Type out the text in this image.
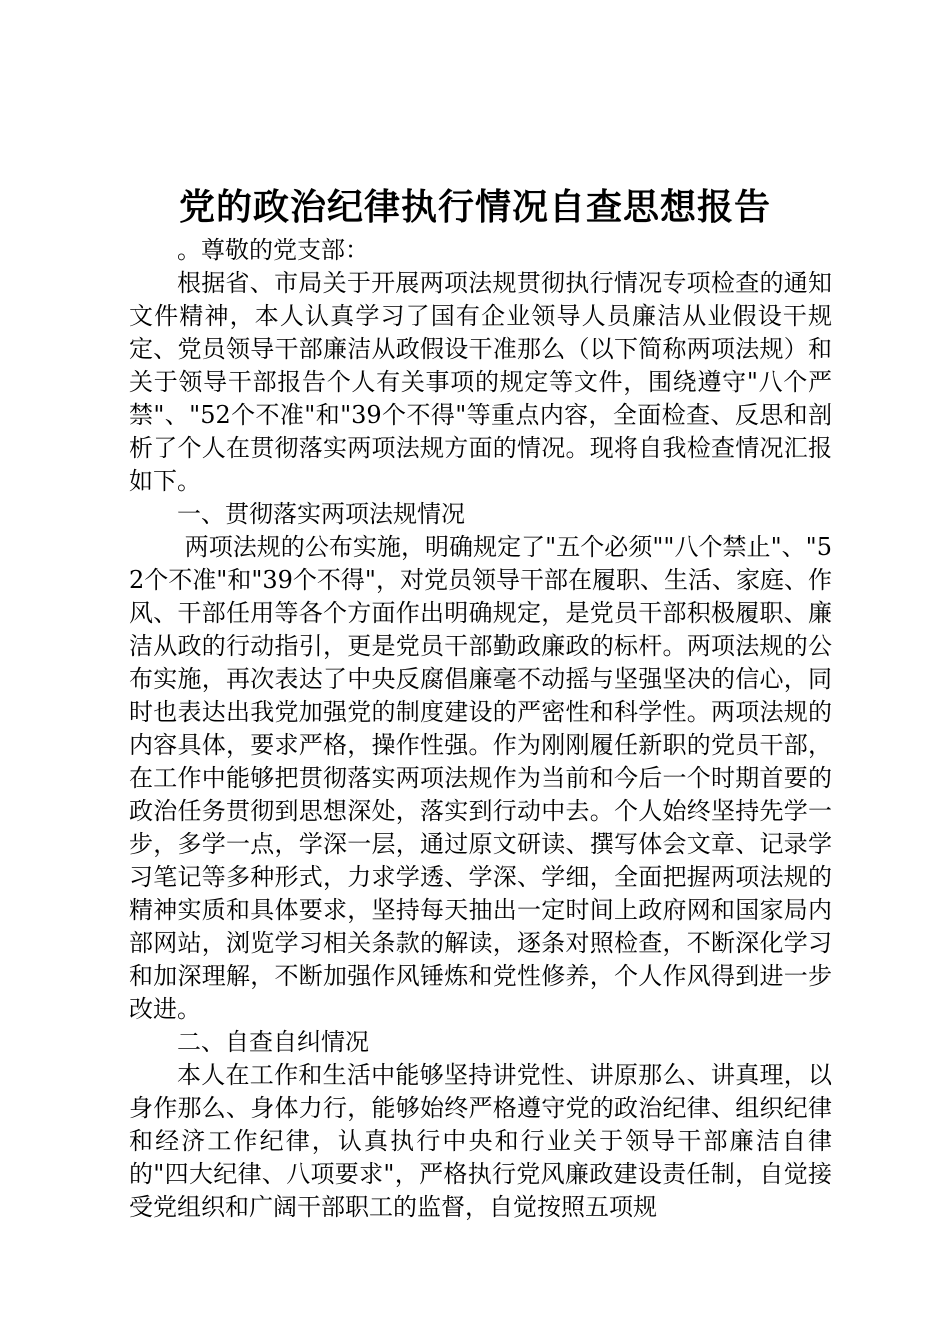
党的政治纪律执行情况自查思想报告

。尊敬的党支部：

根据省、市局关于开展两项法规贯彻执行情况专项检查的通知文件精神，本人认真学习了国有企业领导人员廉洁从业假设干规定、党员领导干部廉洁从政假设干准那么（以下简称两项法规）和关于领导干部报告个人有关事项的规定等文件，围绕遵守"八个严禁"、"52个不准"和"39个不得"等重点内容，全面检查、反思和剖析了个人在贯彻落实两项法规方面的情况。现将自我检查情况汇报如下。

一、贯彻落实两项法规情况

两项法规的公布实施，明确规定了"五个必须""八个禁止"、"52个不准"和"39个不得"，对党员领导干部在履职、生活、家庭、作风、干部任用等各个方面作出明确规定，是党员干部积极履职、廉洁从政的行动指引，更是党员干部勤政廉政的标杆。两项法规的公布实施，再次表达了中央反腐倡廉毫不动摇与坚强坚决的信心，同时也表达出我党加强党的制度建设的严密性和科学性。两项法规的内容具体，要求严格，操作性强。作为刚刚履任新职的党员干部，在工作中能够把贯彻落实两项法规作为当前和今后一个时期首要的政治任务贯彻到思想深处，落实到行动中去。个人始终坚持先学一步，多学一点，学深一层，通过原文研读、撰写体会文章、记录学习笔记等多种形式，力求学透、学深、学细，全面把握两项法规的精神实质和具体要求，坚持每天抽出一定时间上政府网和国家局内部网站，浏览学习相关条款的解读，逐条对照检查，不断深化学习和加深理解，不断加强作风锤炼和党性修养，个人作风得到进一步改进。

二、自查自纠情况

本人在工作和生活中能够坚持讲党性、讲原那么、讲真理，以身作那么、身体力行，能够始终严格遵守党的政治纪律、组织纪律和经济工作纪律，认真执行中央和行业关于领导干部廉洁自律的"四大纪律、八项要求"，严格执行党风廉政建设责任制，自觉接受党组织和广阔干部职工的监督，自觉按照五项规
